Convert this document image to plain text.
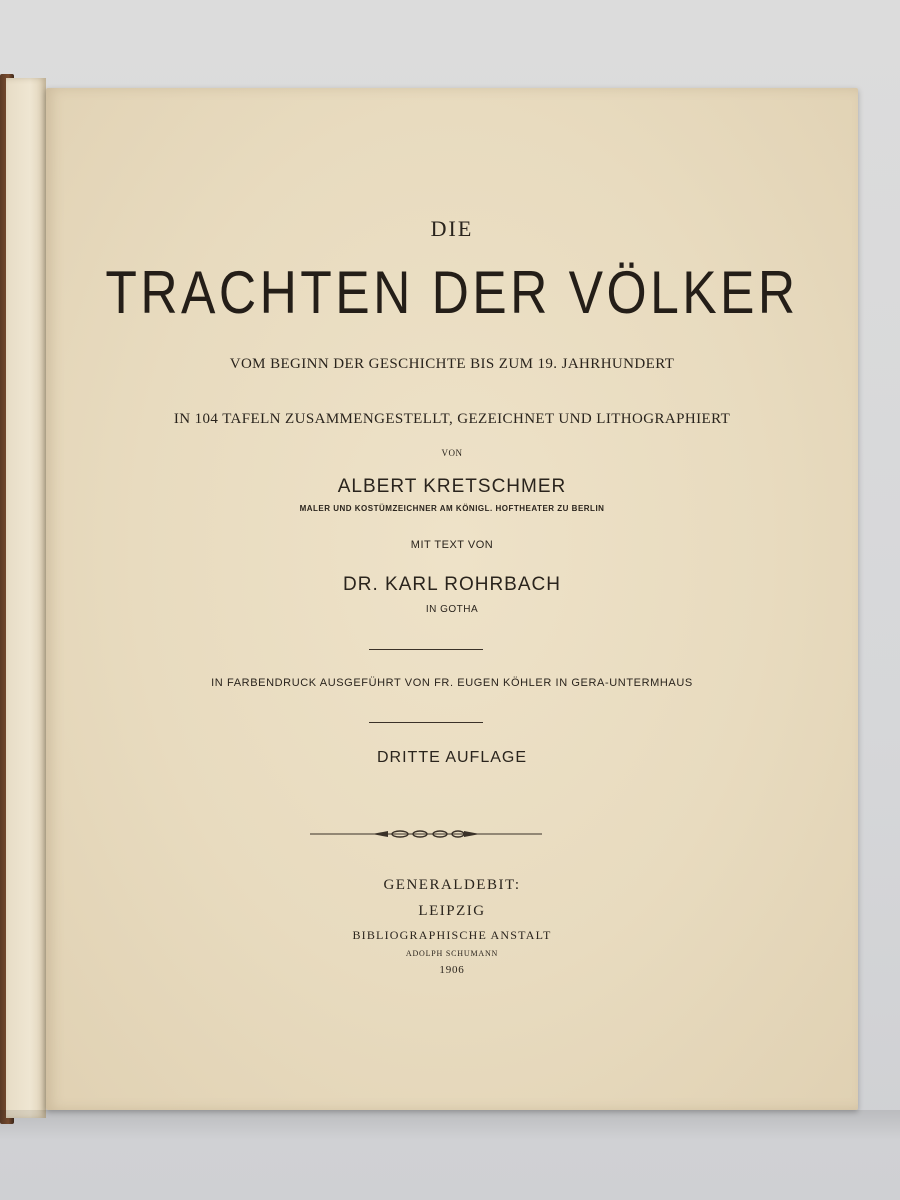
DIE
TRACHTEN DER VÖLKER
VOM BEGINN DER GESCHICHTE BIS ZUM 19. JAHRHUNDERT
IN 104 TAFELN ZUSAMMENGESTELLT, GEZEICHNET UND LITHOGRAPHIERT
VON
ALBERT KRETSCHMER
MALER UND KOSTÜMZEICHNER AM KÖNIGL. HOFTHEATER ZU BERLIN
MIT TEXT VON
DR. KARL ROHRBACH
IN GOTHA
IN FARBENDRUCK AUSGEFÜHRT VON FR. EUGEN KÖHLER IN GERA-UNTERMHAUS
DRITTE AUFLAGE
GENERALDEBIT:
LEIPZIG
BIBLIOGRAPHISCHE ANSTALT
ADOLPH SCHUMANN
1906
